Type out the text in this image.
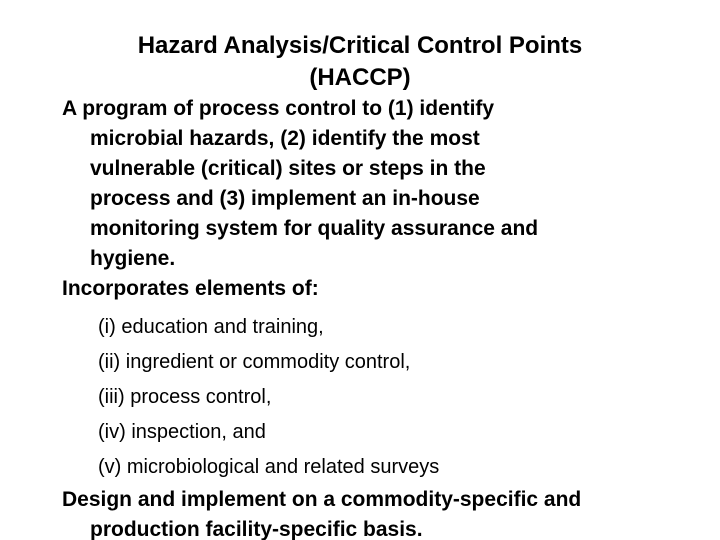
Hazard Analysis/Critical Control Points
(HACCP)

A program of process control to (1) identify
microbial hazards, (2) identify the most
vulnerable (critical) sites or steps in the
process and (3) implement an in‑house
monitoring system for quality assurance and
hygiene.

Incorporates elements of:

(i) education and training,
(ii) ingredient or commodity control,
(iii) process control,
(iv) inspection, and
(v) microbiological and related surveys

Design and implement on a commodity-specific and
production facility-specific basis.
